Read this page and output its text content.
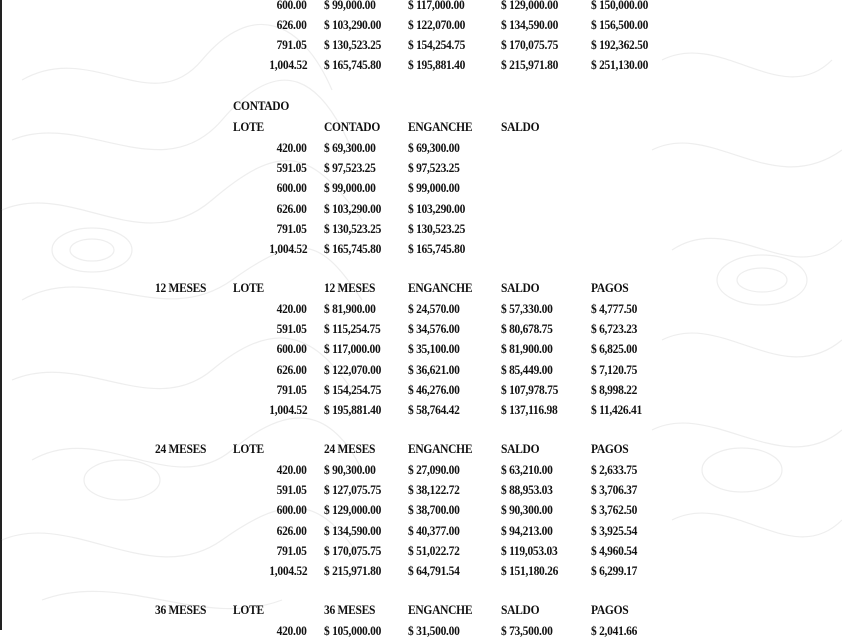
600.00 $ 99,000.00	$ 117,000.00	$ 129,000.00	$ 150,000.00
626.00 $ 103,290.00 $ 122,070.00	$ 134,590.00	$ 156,500.00
791.05 $ 130,523.25 $ 154,254.75	$ 170,075.75	$ 192,362.50
1,004.52 $ 165,745.80 $ 195,881.40	$ 215,971.80	$ 251,130.00
CONTADO
LOTE	CONTADO ENGANCHE SALDO
420.00 $ 69,300.00	$ 69,300.00
591.05 $ 97,523.25	$ 97,523.25
600.00 $ 99,000.00	$ 99,000.00
626.00 $ 103,290.00 $ 103,290.00
791.05 $ 130,523.25 $ 130,523.25
1,004.52 $ 165,745.80 $ 165,745.80
12 MESES LOTE	12 MESES	ENGANCHE SALDO	PAGOS
420.00 $ 81,900.00	$ 24,570.00	$ 57,330.00	$ 4,777.50
591.05 $ 115,254.75 $ 34,576.00	$ 80,678.75	$ 6,723.23
600.00 $ 117,000.00 $ 35,100.00	$ 81,900.00	$ 6,825.00
626.00 $ 122,070.00 $ 36,621.00	$ 85,449.00	$ 7,120.75
791.05 $ 154,254.75 $ 46,276.00	$ 107,978.75	$ 8,998.22
1,004.52 $ 195,881.40 $ 58,764.42	$ 137,116.98	$ 11,426.41
24 MESES LOTE	24 MESES	ENGANCHE SALDO	PAGOS
420.00 $ 90,300.00	$ 27,090.00	$ 63,210.00	$ 2,633.75
591.05 $ 127,075.75 $ 38,122.72	$ 88,953.03	$ 3,706.37
600.00 $ 129,000.00 $ 38,700.00	$ 90,300.00	$ 3,762.50
626.00 $ 134,590.00 $ 40,377.00	$ 94,213.00	$ 3,925.54
791.05 $ 170,075.75 $ 51,022.72	$ 119,053.03	$ 4,960.54
1,004.52 $ 215,971.80 $ 64,791.54	$ 151,180.26	$ 6,299.17
36 MESES LOTE	36 MESES	ENGANCHE SALDO	PAGOS
420.00 $ 105,000.00 $ 31,500.00	$ 73,500.00	$ 2,041.66
